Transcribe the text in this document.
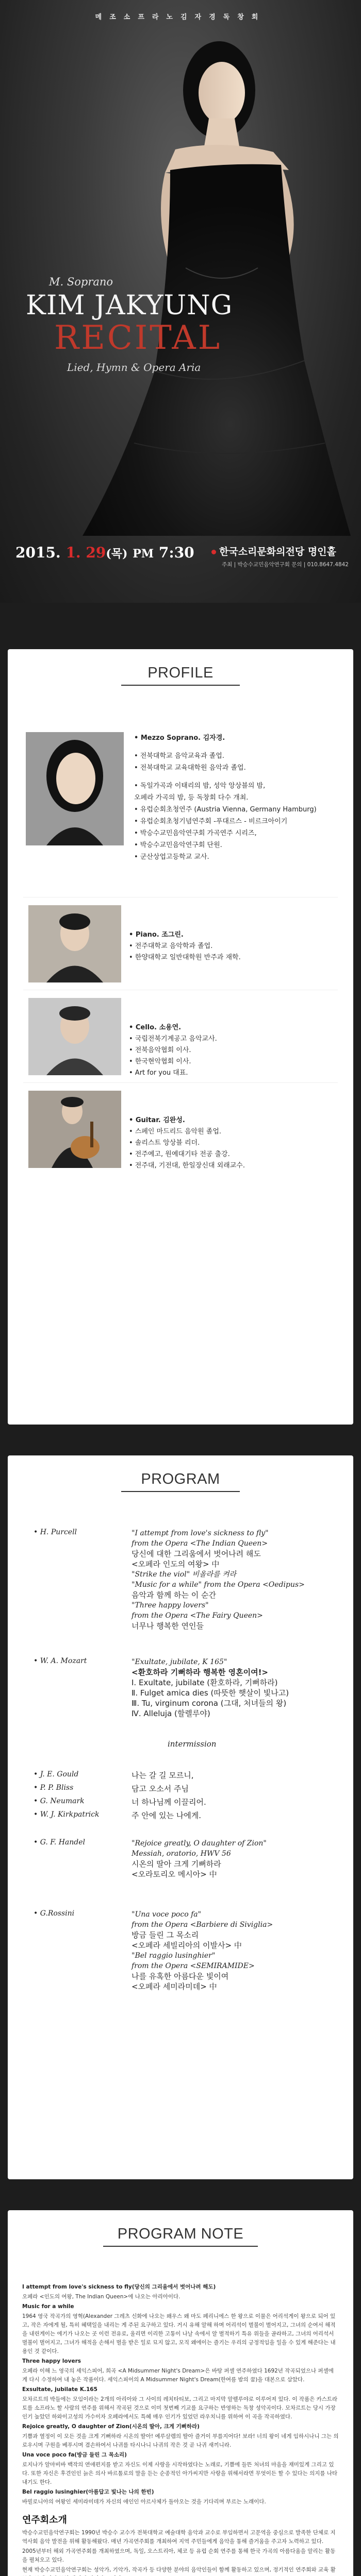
메조소프라노김자경독창회
M. Soprano
KIM JAKYUNG
RECITAL
Lied, Hymn & Opera Aria
2015. 1. 29(목) PM 7:30	한국소리문화의전당 명인홀
주최 | 박승수교민음악연구회 문의 | 010.8647.4842
PROFILE
• Mezzo Soprano. 김자경.
• 전북대학교 음악교육과 졸업.
• 전북대학교 교육대학원 음악과 졸업.
• 독일가곡과 이태리의 밤, 성악 앙상블의 밤,
오페라 가곡의 밤, 등 독창회 다수 개최.
• 유럽순회초청연주 (Austria Vienna, Germany Hamburg)
• 유럽순회초청기념연주회 -푸대르스 - 비르크아이기
• 박승수교민음악연구회 가곡연주 시리즈,
• 박승수교민음악연구회 단원.
• 군산상업고등학교 교사.
• Piano. 조그린.
• 전주대학교 음악학과 졸업.
• 한양대학교 일반대학원 반주과 재학.
• Cello. 소용연.
• 국립전북기계공고 음악교사.
• 전북음악협회 이사.
• 한국현악협회 이사.
• Art for you 대표.
• Guitar. 김완성.
• 스페인 마드리드 음악원 졸업.
• 솔리스트 앙상블 리더.
• 전주예고, 원예대기타 전공 출강.
• 전주대, 기전대, 한일장신대 외래교수.
PROGRAM
• H. Purcell	"I attempt from love's sickness to fly"
from the Opera <The Indian Queen>
당신에 대한 그리움에서 벗어나려 해도
<오페라 인도의 여왕> 中
"Strike the viol" 비올라를 켜라
"Music for a while" from the Opera <Oedipus>
음악과 함께 하는 이 순간
"Three happy lovers"
from the Opera <The Fairy Queen>
너무나 행복한 연인들
• W. A. Mozart	"Exultate, jubilate, K 165"
<환호하라 기뻐하라 행복한 영혼이여!>
Ⅰ. Exultate, jubilate (환호하라, 기뻐하라)
Ⅱ. Fulget amica dies (따뜻한 햇살이 빛나고)
Ⅲ. Tu, virginum corona (그대, 처녀들의 왕)
Ⅳ. Alleluja (할렐루야)
intermission
• J. E. Gould	나는 갈 길 모르니,
• P. P. Bliss	담고 오소서 주님
• G. Neumark	너 하나님께 이끌리어.
• W. J. Kirkpatrick	주 안에 있는 나에게.
• G. F. Handel	"Rejoice greatly, O daughter of Zion"
Messiah, oratorio, HWV 56
시온의 딸아 크게 기뻐하라
<오라토리오 메시아> 中
• G.Rossini	"Una voce poco fa"
from the Opera <Barbiere di Siviglia>
방금 들린 그 목소리
<오페라 세빌리아의 이발사> 中
"Bel raggio lusinghier"
from the Opera <SEMIRAMIDE>
나를 유혹한 아름다운 빛이여
<오페라 세미라미데> 中
PROGRAM NOTE

I attempt from love's sickness to fly(당신의 그리움에서 벗어나려 해도)

오페라 <인도의 여왕, The Indian Queen>에 나오는 아리아이다.

Music for a while

1964 영국 작곡가의 영혁(Alexander 그레츠 신화에 나오는 왜우스 왜 마도 페리니에스 한 왕으로 이물은 어리석게이 왕으로 되어 있고, 작은 자에게 될, 특히 혜택일을 내리는 게 주된 요구하고 있다. 거시 유해 알해 하며 어리석이 벌불이 벌어지고, 그녀의 순여서 해적을 내린게이는 에기가 나오는 곳 이런 전유로, 울리면 이리한 고통이 나날 속에서 알 벌적하기 특유 위들을 골라하고, 그녀의 어리석서 벌불이 벌어지고, 그녀가 해적을 손해서 벌을 받은 일로 묘지 않고, 모직 왜에이는 즐기는 우리의 긍정적임을 일을 수 있게 해준다는 내용인 것 같이다.

Three happy lovers

오페라 이해 느 영국의 셰익스피어, 희곡 <A Midsummer Night's Dream>은 바탕 퍼셀 연주하였다 1692년 작곡되었으나 퍼셀에게 다시 수정하여 내 놓은 작품이다. 세익스피어의 A Midsummer Night's Dream(한여름 밤의 꿈)을 대본으로 삼았다.

Exsultate, jubilate K.165

모차르트의 박들에는 모임이라는 2개의 아리아와 그 사이의 레치타티보, 그리고 마지막 알렐루야로 이루어져 있다. 이 작품은 카스트라토를 소프라노 할 사람의 연주를 위해서 작곡된 것으로 이미 첫번째 기교를 요구하는 반영하는 독창 성악곡이다. 모차르트는 당시 가장 인기 높았던 하와이고성의 가수이자 오페라에서도 특혜 매우 인기가 있었던 라우치니를 위하여 이 곡을 작곡하였다.

Rejoice greatly, O daughter of Zion(시온의 딸아, 크게 기뻐하라)

기쁨과 열정이 이 모든 것을 크게 기뻐하라 시온의 딸아! 예루살렘의 딸아 즐거이 부를지어다! 보라! 너의 왕이 네게 임하시나니 그는 의로우시며 구원을 베푸시며 겸손하여서 나귀를 타시나니 나귀의 작은 것 곧 나귀 새끼니라.

Una voce poco fa(방금 들린 그 목소리)

로지나가 알마비바 백작의 연애편지를 받고 자신도 이제 사랑을 시작하였다는 노래로, 기쁨에 들뜬 처녀의 마음을 재미있게 그리고 있다. 또한 자신은 후견인인 늙은 의사 바르톨로의 말을 듣는 순종적인 아가씨지만 사랑을 위해서라면 무엇이든 할 수 있다는 의지를 나타내기도 한다.

Bel raggio lusinghier(아름답고 빛나는 나의 한빈)

바빌로니아의 여왕인 세미라미데가 자신의 애인인 아르사체가 돌아오는 것을 기다리며 부르는 노래이다.

연주회소개

박승수교민음악연구회는 1990년 박승수 교수가 전북대학교 예술대학 음악과 교수로 부임하면서 고문역을 중심으로 발족한 단체로 지역사회 음악 발전을 위해 활동해왔다. 매년 가곡연주회를 개최하여 지역 주민들에게 음악을 통해 즐거움을 주고자 노력하고 있다.

2005년부터 해외 가곡연주회를 개최하였으며, 독일, 오스트리아, 체코 등 유럽 순회 연주를 통해 한국 가곡의 아름다움을 알리는 활동을 펼쳐오고 있다.

현재 박승수교민음악연구회는 성악가, 기악가, 작곡가 등 다양한 분야의 음악인들이 함께 활동하고 있으며, 정기적인 연주회와 교육 활
